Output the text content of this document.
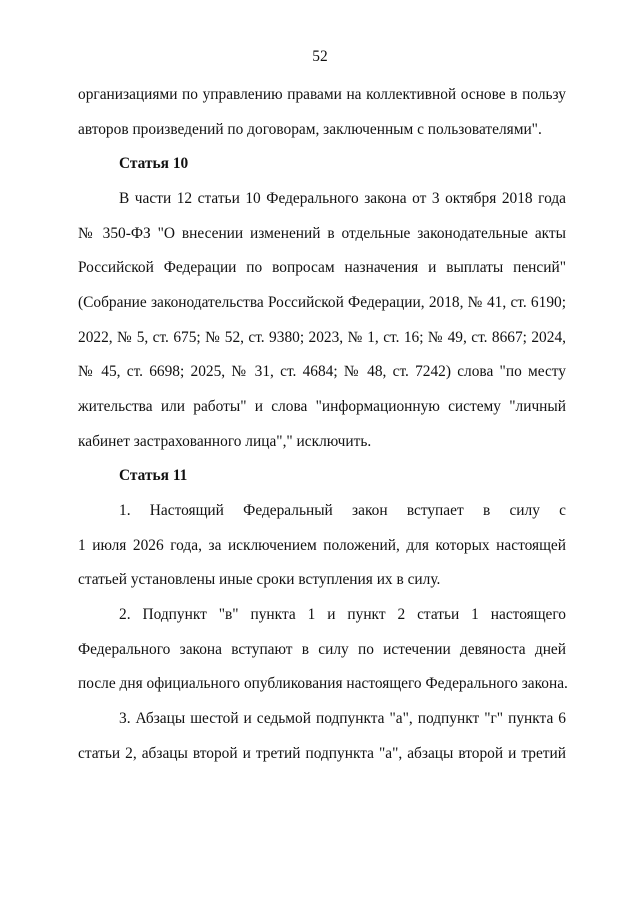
52
организациями по управлению правами на коллективной основе в пользу
авторов произведений по договорам, заключенным с пользователями".
Статья 10
В части 12 статьи 10 Федерального закона от 3 октября 2018 года
№ 350-ФЗ "О внесении изменений в отдельные законодательные акты
Российской Федерации по вопросам назначения и выплаты пенсий"
(Собрание законодательства Российской Федерации, 2018, № 41, ст. 6190;
2022, № 5, ст. 675; № 52, ст. 9380; 2023, № 1, ст. 16; № 49, ст. 8667; 2024,
№ 45, ст. 6698; 2025, № 31, ст. 4684; № 48, ст. 7242) слова "по месту
жительства или работы" и слова "информационную систему "личный
кабинет застрахованного лица"," исключить.
Статья 11
1. Настоящий Федеральный закон вступает в силу с
1 июля 2026 года, за исключением положений, для которых настоящей
статьей установлены иные сроки вступления их в силу.
2. Подпункт "в" пункта 1 и пункт 2 статьи 1 настоящего
Федерального закона вступают в силу по истечении девяноста дней
после дня официального опубликования настоящего Федерального закона.
3. Абзацы шестой и седьмой подпункта "а", подпункт "г" пункта 6
статьи 2, абзацы второй и третий подпункта "а", абзацы второй и третий
